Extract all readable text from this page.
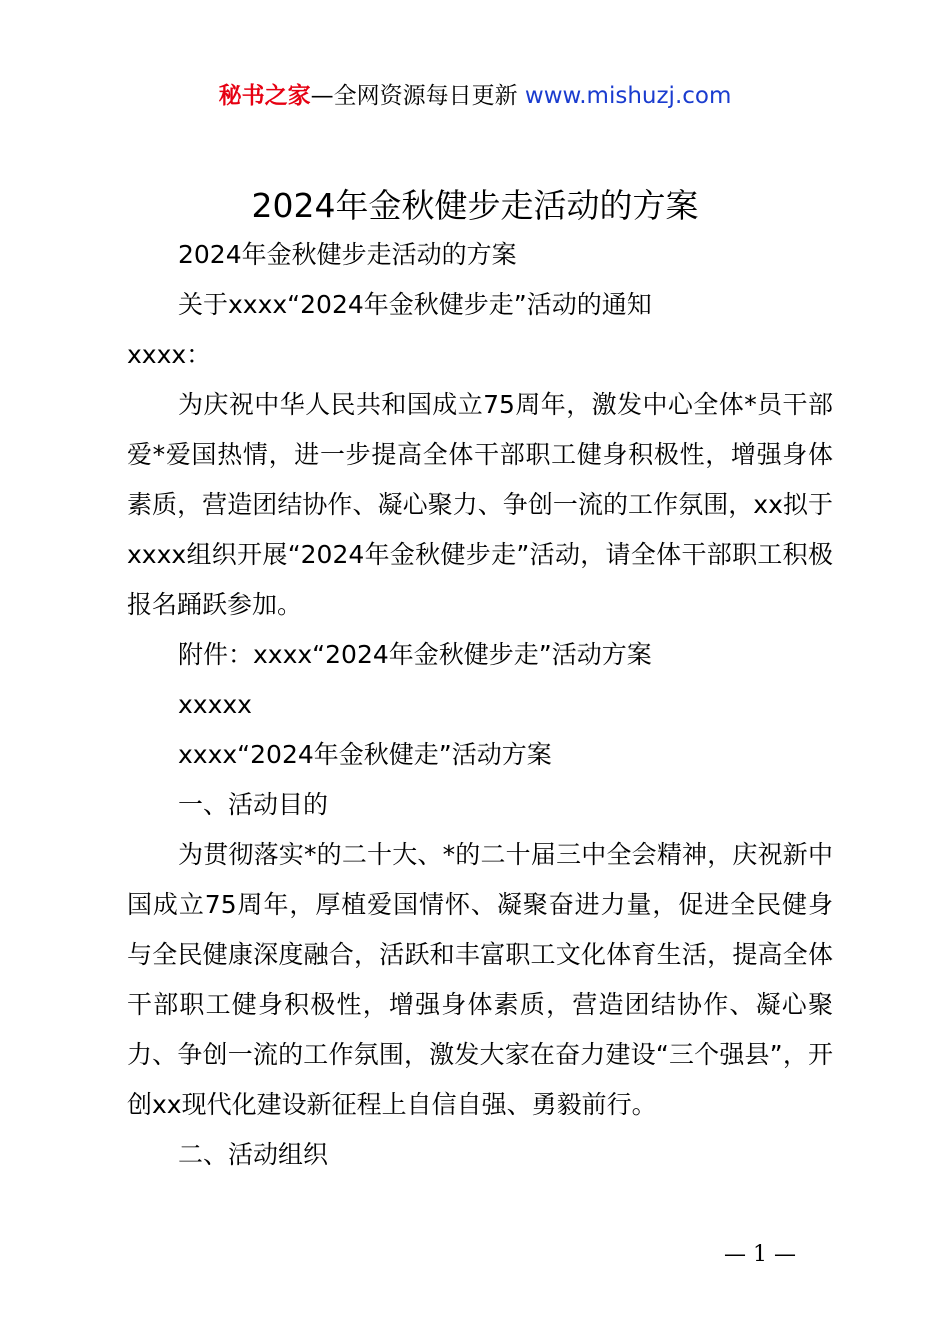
秘书之家—全网资源每日更新 www.mishuzj.com
2024年金秋健步走活动的方案

2024年金秋健步走活动的方案

关于xxxx“2024年金秋健步走”活动的通知

xxxx：

为庆祝中华人民共和国成立75周年，激发中心全体*员干部爱*爱国热情，进一步提高全体干部职工健身积极性，增强身体素质，营造团结协作、凝心聚力、争创一流的工作氛围，xx拟于xxxx组织开展“2024年金秋健步走”活动，请全体干部职工积极报名踊跃参加。

附件：xxxx“2024年金秋健步走”活动方案

xxxxx

xxxx“2024年金秋健走”活动方案

一、活动目的

为贯彻落实*的二十大、*的二十届三中全会精神，庆祝新中国成立75周年，厚植爱国情怀、凝聚奋进力量，促进全民健身与全民健康深度融合，活跃和丰富职工文化体育生活，提高全体干部职工健身积极性，增强身体素质，营造团结协作、凝心聚力、争创一流的工作氛围，激发大家在奋力建设“三个强县”，开创xx现代化建设新征程上自信自强、勇毅前行。

二、活动组织

— 1 —
